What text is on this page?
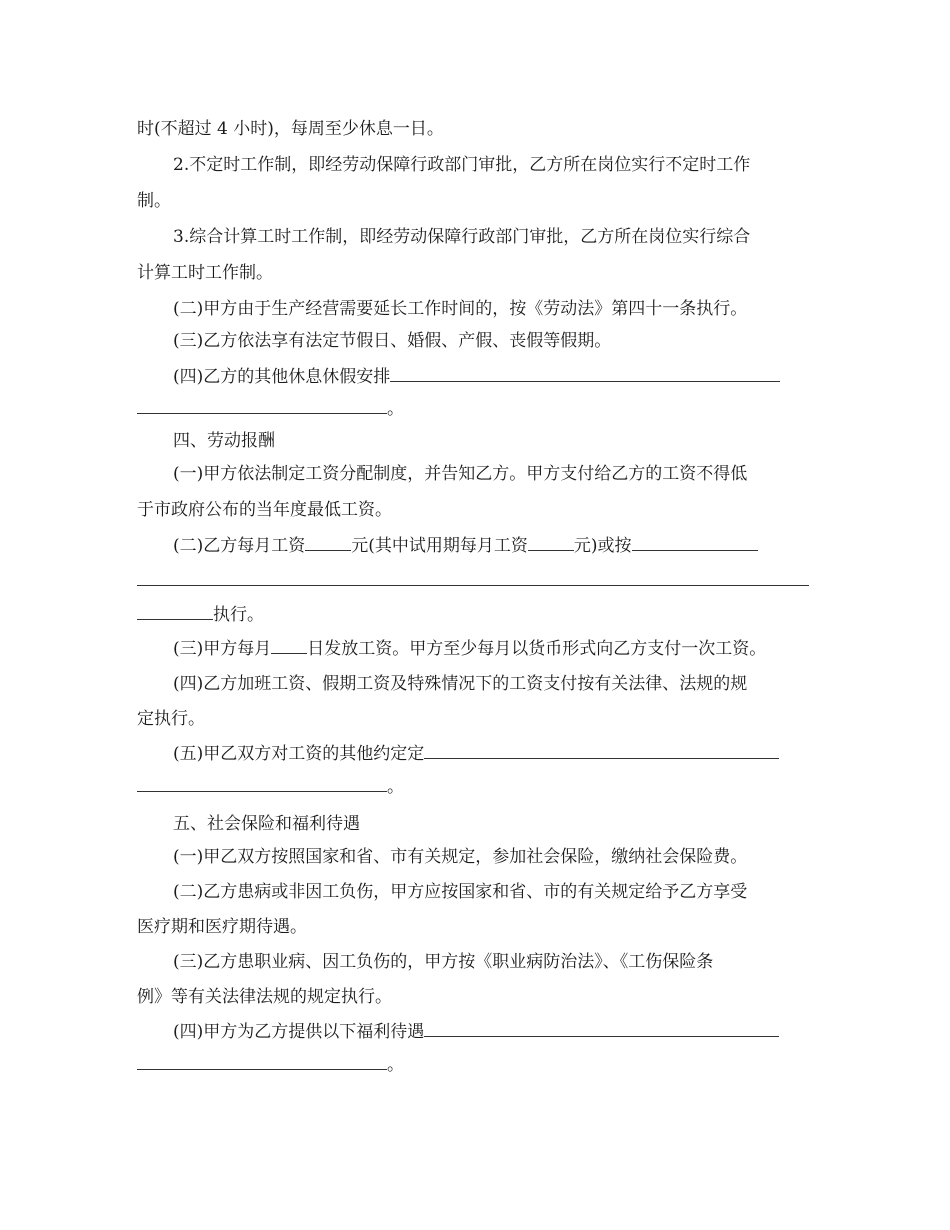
时(不超过 4 小时)，每周至少休息一日。
2.不定时工作制，即经劳动保障行政部门审批，乙方所在岗位实行不定时工作
制。
3.综合计算工时工作制，即经劳动保障行政部门审批，乙方所在岗位实行综合
计算工时工作制。
(二)甲方由于生产经营需要延长工作时间的，按《劳动法》第四十一条执行。
(三)乙方依法享有法定节假日、婚假、产假、丧假等假期。
(四)乙方的其他休息休假安排
。
四、劳动报酬
(一)甲方依法制定工资分配制度，并告知乙方。甲方支付给乙方的工资不得低
于市政府公布的当年度最低工资。
(二)乙方每月工资	元(其中试用期每月工资	元)或按
执行。
(三)甲方每月 日发放工资。甲方至少每月以货币形式向乙方支付一次工资。
(四)乙方加班工资、假期工资及特殊情况下的工资支付按有关法律、法规的规
定执行。
(五)甲乙双方对工资的其他约定定
。
五、社会保险和福利待遇
(一)甲乙双方按照国家和省、市有关规定，参加社会保险，缴纳社会保险费。
(二)乙方患病或非因工负伤，甲方应按国家和省、市的有关规定给予乙方享受
医疗期和医疗期待遇。
(三)乙方患职业病、因工负伤的，甲方按《职业病防治法》、《工伤保险条
例》等有关法律法规的规定执行。
(四)甲方为乙方提供以下福利待遇
。
